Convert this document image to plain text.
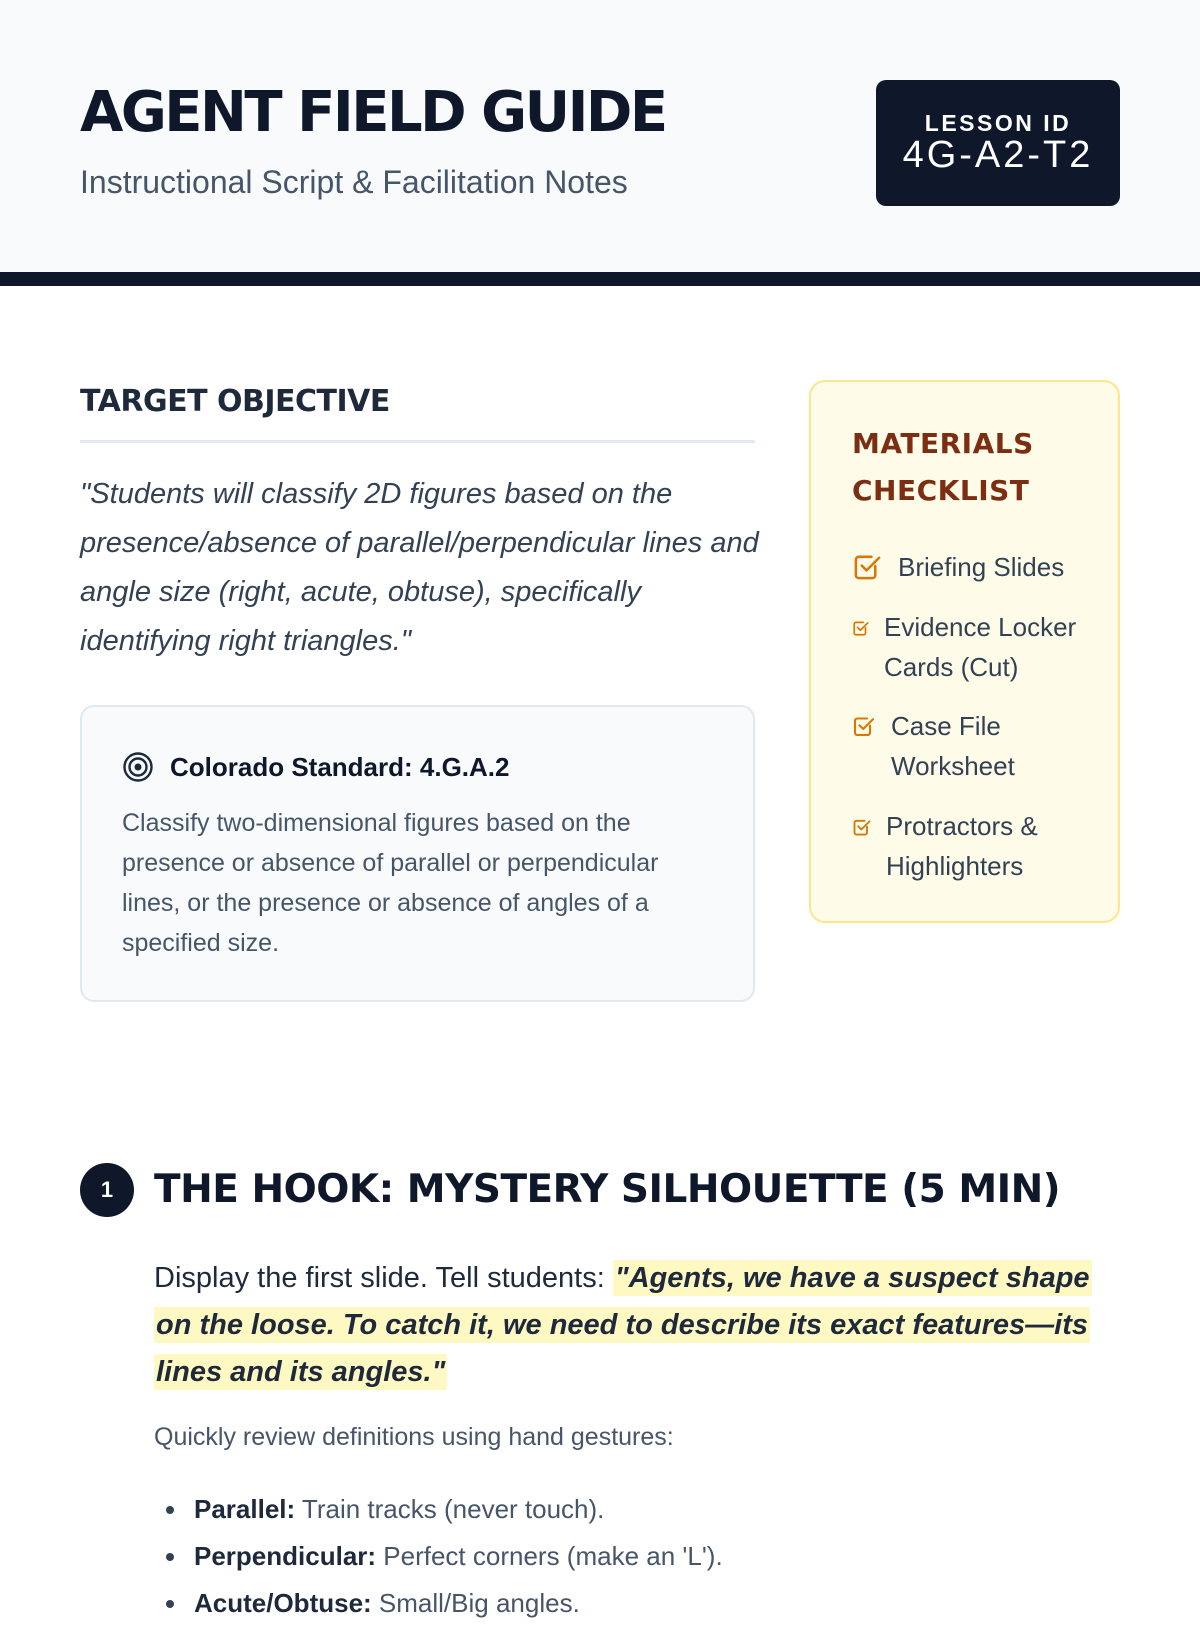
AGENT FIELD GUIDE
Instructional Script & Facilitation Notes
LESSON ID
4G-A2-T2
TARGET OBJECTIVE
"Students will classify 2D figures based on the presence/absence of parallel/perpendicular lines and angle size (right, acute, obtuse), specifically identifying right triangles."
Colorado Standard: 4.G.A.2
Classify two-dimensional figures based on the presence or absence of parallel or perpendicular lines, or the presence or absence of angles of a specified size.
MATERIALS CHECKLIST
Briefing Slides
Evidence Locker Cards (Cut)
Case File Worksheet
Protractors & Highlighters
1	THE HOOK: MYSTERY SILHOUETTE (5 MIN)
Display the first slide. Tell students: "Agents, we have a suspect shape on the loose. To catch it, we need to describe its exact features—its lines and its angles."
Quickly review definitions using hand gestures:
Parallel: Train tracks (never touch).
Perpendicular: Perfect corners (make an 'L').
Acute/Obtuse: Small/Big angles.
